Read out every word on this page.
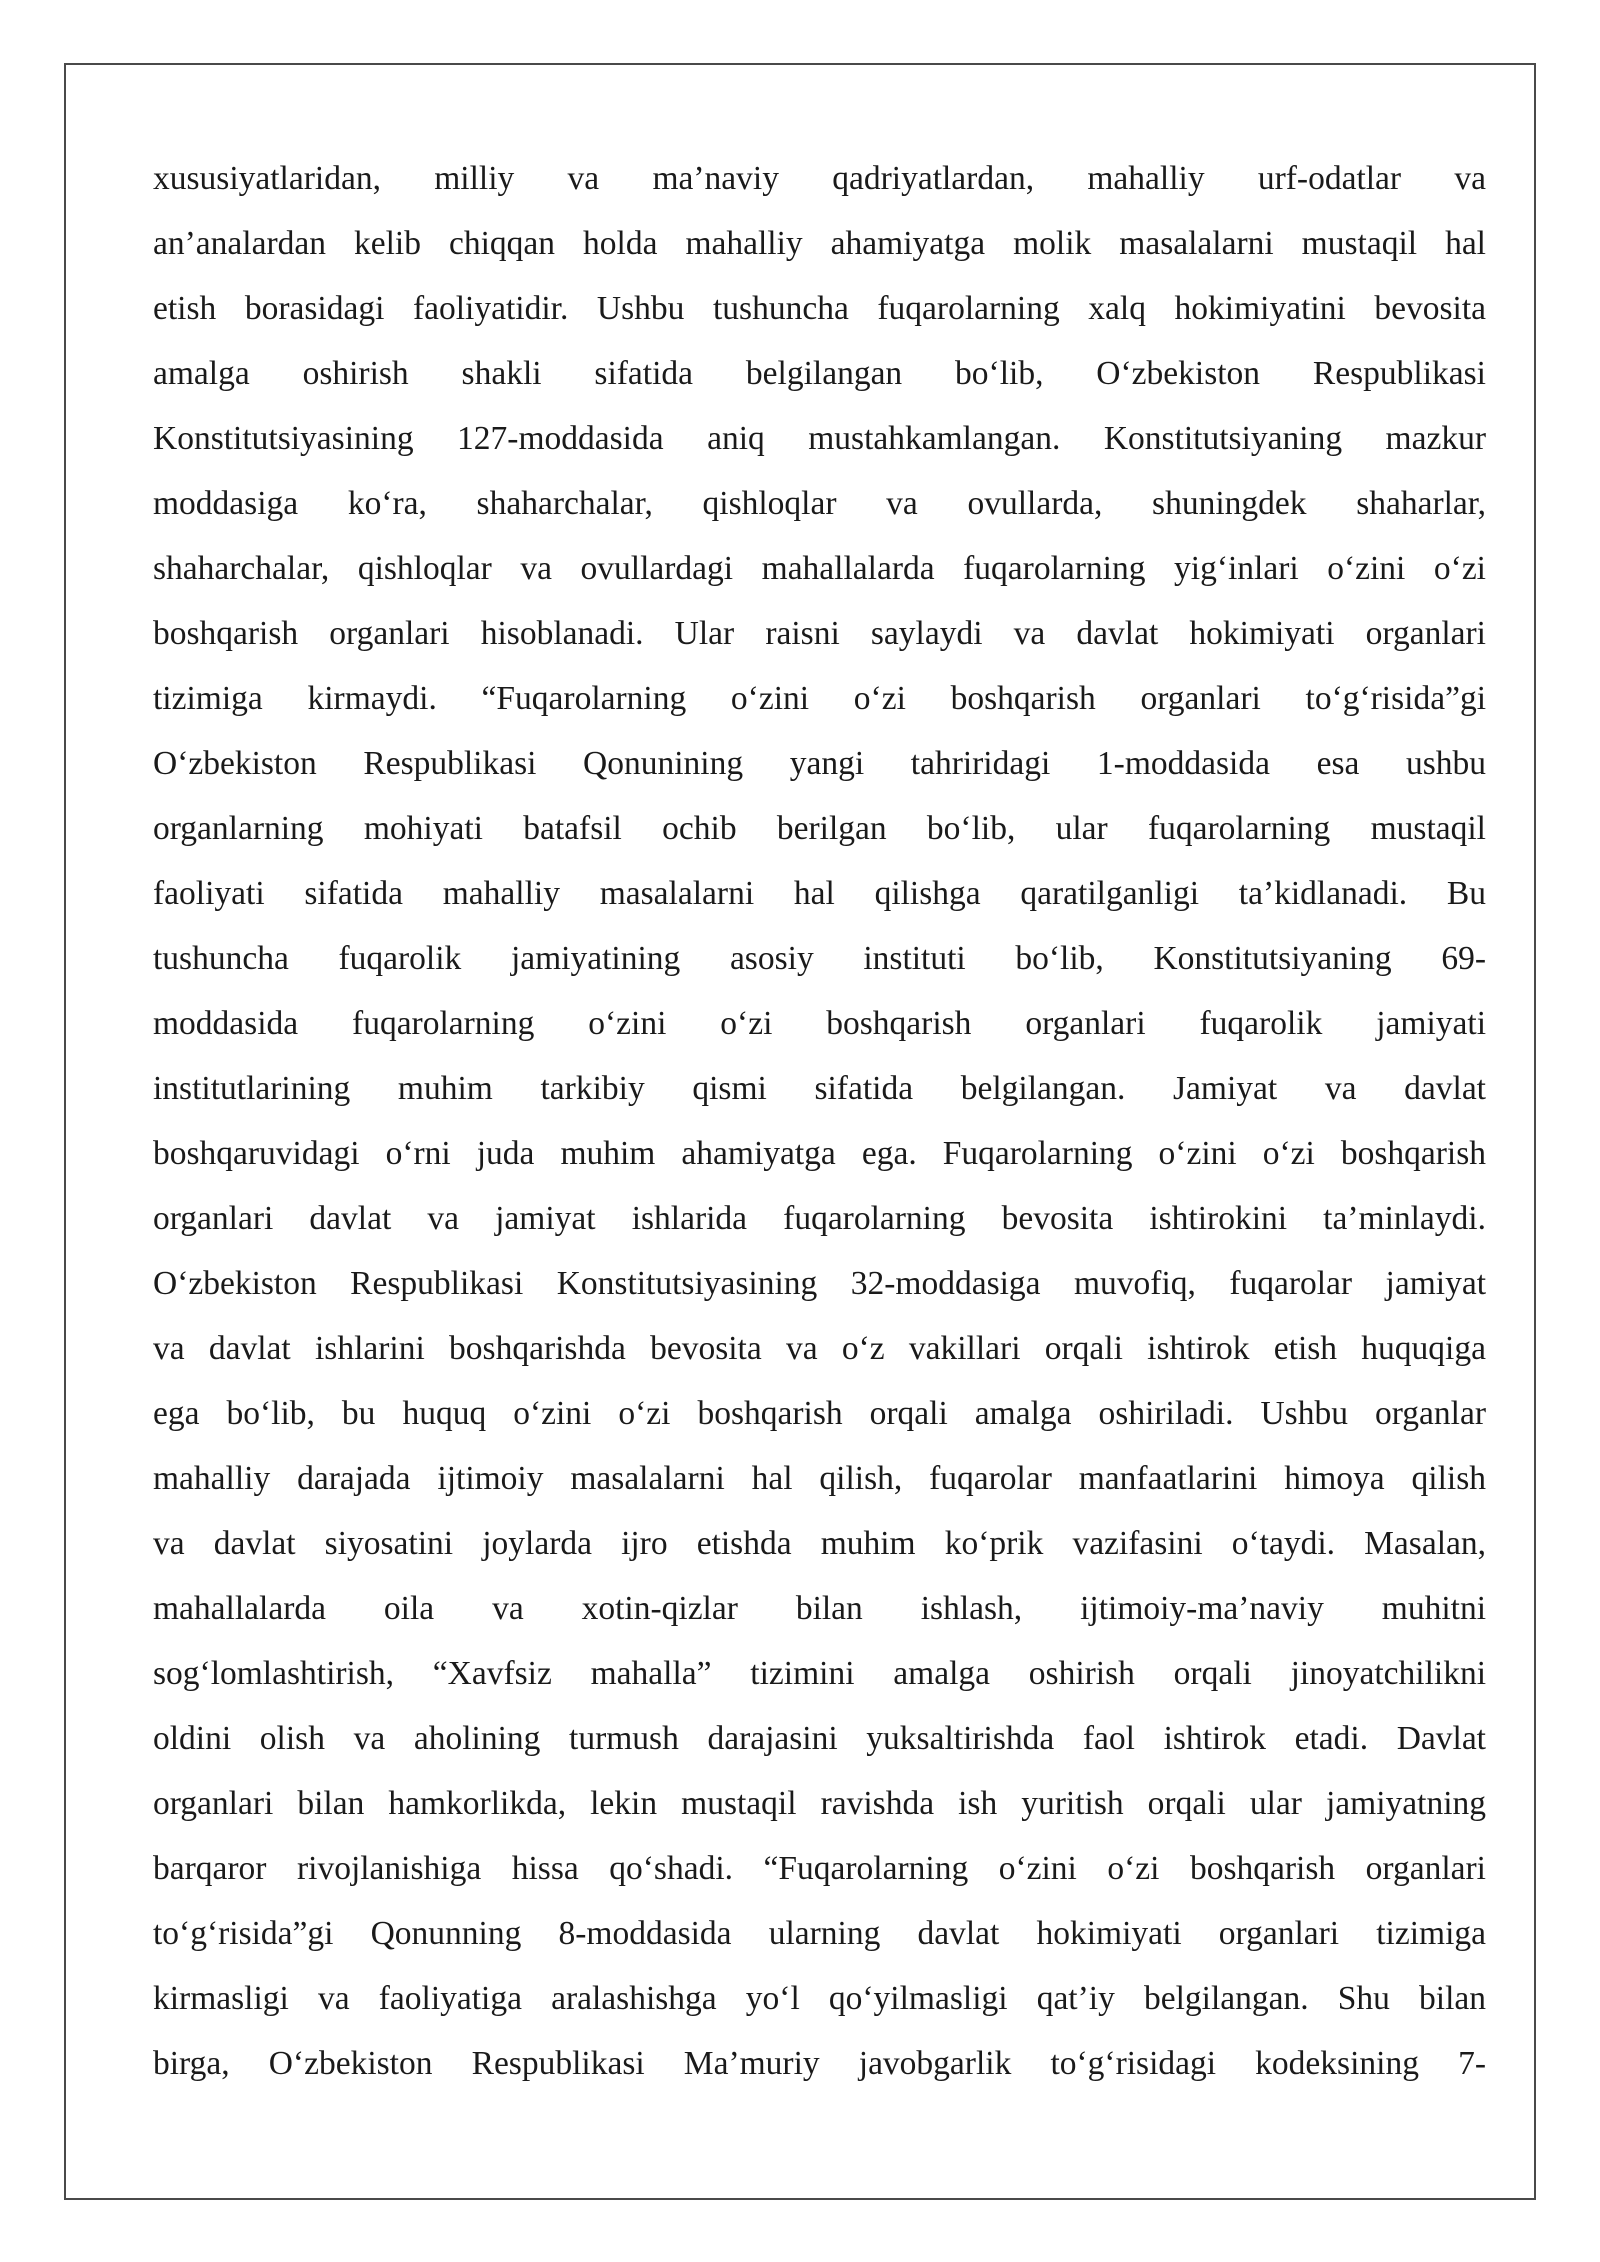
xususiyatlaridan, milliy va ma’naviy qadriyatlardan, mahalliy urf-odatlar va
an’analardan kelib chiqqan holda mahalliy ahamiyatga molik masalalarni mustaqil hal
etish borasidagi faoliyatidir. Ushbu tushuncha fuqarolarning xalq hokimiyatini bevosita
amalga oshirish shakli sifatida belgilangan bo‘lib, O‘zbekiston Respublikasi
Konstitutsiyasining 127-moddasida aniq mustahkamlangan. Konstitutsiyaning mazkur
moddasiga ko‘ra, shaharchalar, qishloqlar va ovullarda, shuningdek shaharlar,
shaharchalar, qishloqlar va ovullardagi mahallalarda fuqarolarning yig‘inlari o‘zini o‘zi
boshqarish organlari hisoblanadi. Ular raisni saylaydi va davlat hokimiyati organlari
tizimiga kirmaydi. “Fuqarolarning o‘zini o‘zi boshqarish organlari to‘g‘risida”gi
O‘zbekiston Respublikasi Qonunining yangi tahriridagi 1-moddasida esa ushbu
organlarning mohiyati batafsil ochib berilgan bo‘lib, ular fuqarolarning mustaqil
faoliyati sifatida mahalliy masalalarni hal qilishga qaratilganligi ta’kidlanadi. Bu
tushuncha fuqarolik jamiyatining asosiy instituti bo‘lib, Konstitutsiyaning 69-
moddasida fuqarolarning o‘zini o‘zi boshqarish organlari fuqarolik jamiyati
institutlarining muhim tarkibiy qismi sifatida belgilangan. Jamiyat va davlat
boshqaruvidagi o‘rni juda muhim ahamiyatga ega. Fuqarolarning o‘zini o‘zi boshqarish
organlari davlat va jamiyat ishlarida fuqarolarning bevosita ishtirokini ta’minlaydi.
O‘zbekiston Respublikasi Konstitutsiyasining 32-moddasiga muvofiq, fuqarolar jamiyat
va davlat ishlarini boshqarishda bevosita va o‘z vakillari orqali ishtirok etish huquqiga
ega bo‘lib, bu huquq o‘zini o‘zi boshqarish orqali amalga oshiriladi. Ushbu organlar
mahalliy darajada ijtimoiy masalalarni hal qilish, fuqarolar manfaatlarini himoya qilish
va davlat siyosatini joylarda ijro etishda muhim ko‘prik vazifasini o‘taydi. Masalan,
mahallalarda oila va xotin-qizlar bilan ishlash, ijtimoiy-ma’naviy muhitni
sog‘lomlashtirish, “Xavfsiz mahalla” tizimini amalga oshirish orqali jinoyatchilikni
oldini olish va aholining turmush darajasini yuksaltirishda faol ishtirok etadi. Davlat
organlari bilan hamkorlikda, lekin mustaqil ravishda ish yuritish orqali ular jamiyatning
barqaror rivojlanishiga hissa qo‘shadi. “Fuqarolarning o‘zini o‘zi boshqarish organlari
to‘g‘risida”gi Qonunning 8-moddasida ularning davlat hokimiyati organlari tizimiga
kirmasligi va faoliyatiga aralashishga yo‘l qo‘yilmasligi qat’iy belgilangan. Shu bilan
birga, O‘zbekiston Respublikasi Ma’muriy javobgarlik to‘g‘risidagi kodeksining 7-
